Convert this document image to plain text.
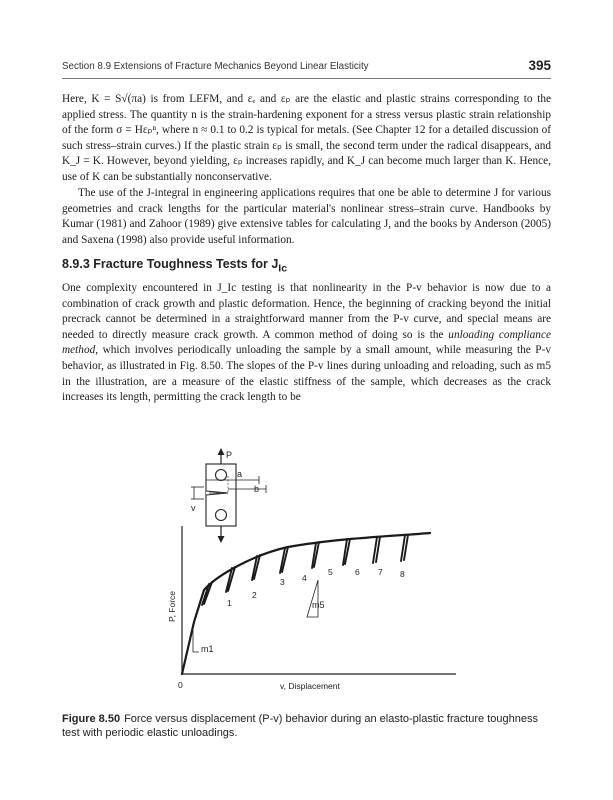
Section 8.9 Extensions of Fracture Mechanics Beyond Linear Elasticity	395

Here, K = S√(πa) is from LEFM, and εₑ and εₚ are the elastic and plastic strains corresponding to the applied stress. The quantity n is the strain-hardening exponent for a stress versus plastic strain relationship of the form σ = Hεₚⁿ, where n ≈ 0.1 to 0.2 is typical for metals. (See Chapter 12 for a detailed discussion of such stress–strain curves.) If the plastic strain εₚ is small, the second term under the radical disappears, and K_J = K. However, beyond yielding, εₚ increases rapidly, and K_J can become much larger than K. Hence, use of K can be substantially nonconservative.

The use of the J-integral in engineering applications requires that one be able to determine J for various geometries and crack lengths for the particular material's nonlinear stress–strain curve. Handbooks by Kumar (1981) and Zahoor (1989) give extensive tables for calculating J, and the books by Anderson (2005) and Saxena (1998) also provide useful information.

8.9.3 Fracture Toughness Tests for $J_{Ic}$

One complexity encountered in J_Ic testing is that nonlinearity in the P-v behavior is now due to a combination of crack growth and plastic deformation. Hence, the beginning of cracking beyond the initial precrack cannot be determined in a straightforward manner from the P-v curve, and special means are needed to directly measure crack growth. A common method of doing so is the unloading compliance method, which involves periodically unloading the sample by a small amount, while measuring the P-v behavior, as illustrated in Fig. 8.50. The slopes of the P-v lines during unloading and reloading, such as m5 in the illustration, are a measure of the elastic stiffness of the sample, which decreases as the crack increases its length, permitting the crack length to be

P
v
a
b
0	v, Displacement
P, Force	1
2
3 4
5	6 7 8
m1
m5
Figure 8.50 Force versus displacement (P-v) behavior during an elasto-plastic fracture toughness test with periodic elastic unloadings.
